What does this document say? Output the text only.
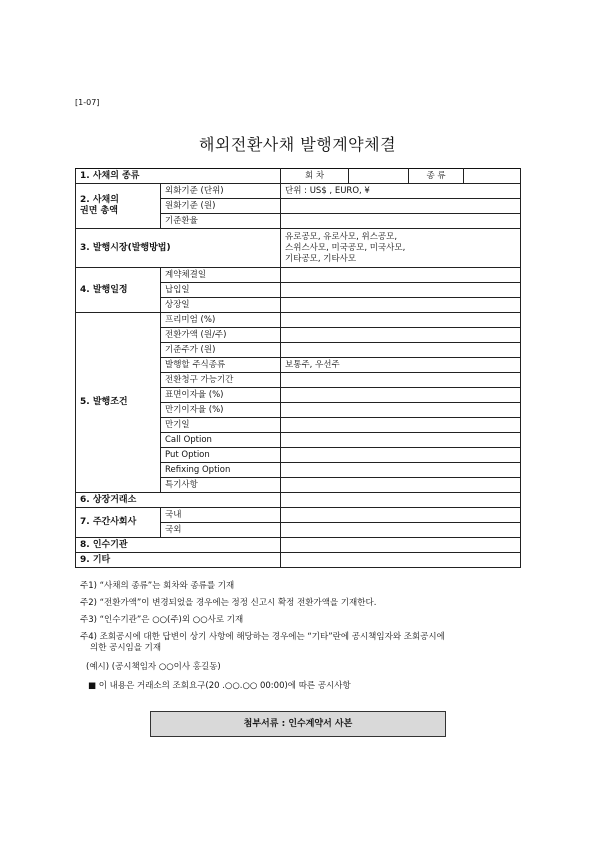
[1-07]
해외전환사채 발행계약체결
1. 사채의 종류		회 차		종 류	

2. 사채의
권면 총액	외화기준 (단위)	단위 : US$ , EURO, ¥			
	원화기준 (원)				
	기준환율				
3. 발행시장(발행방법)		유로공모, 유로사모, 위스공모,
스위스사모, 미국공모, 미국사모,
기타공모, 기타사모			

4. 발행일정	계약체결일				
	납입일				
	상장일				
5. 발행조건	프리미엄 (%)				
	전환가액 (원/주)				
	기준주가 (원)				
	발행할 주식종류	보통주, 우선주			
	전환청구 가능기간				
	표면이자율 (%)				
	만기이자율 (%)				
	만기일				
	Call Option				
	Put Option				
	Refixing Option				
	특기사항				
6. 상장거래소					
7. 주간사회사	국내				
	국외				
8. 인수기관					
9. 기타					
주1) “사채의 종류”는 회차와 종류를 기재
주2) “전환가액”이 변경되었을 경우에는 정정 신고시 확정 전환가액을 기재한다.
주3) “인수기관”은 ○○(주)외 ○○사로 기재
주4) 조회공시에 대한 답변이 상기 사항에 해당하는 경우에는 “기타”란에 공시책임자와 조회공시에
의한 공시임을 기재
(예시) (공시책임자 ○○이사 홍길동)
■ 이 내용은 거래소의 조회요구(20 .○○.○○ 00:00)에 따른 공시사항
첨부서류 : 인수계약서 사본
